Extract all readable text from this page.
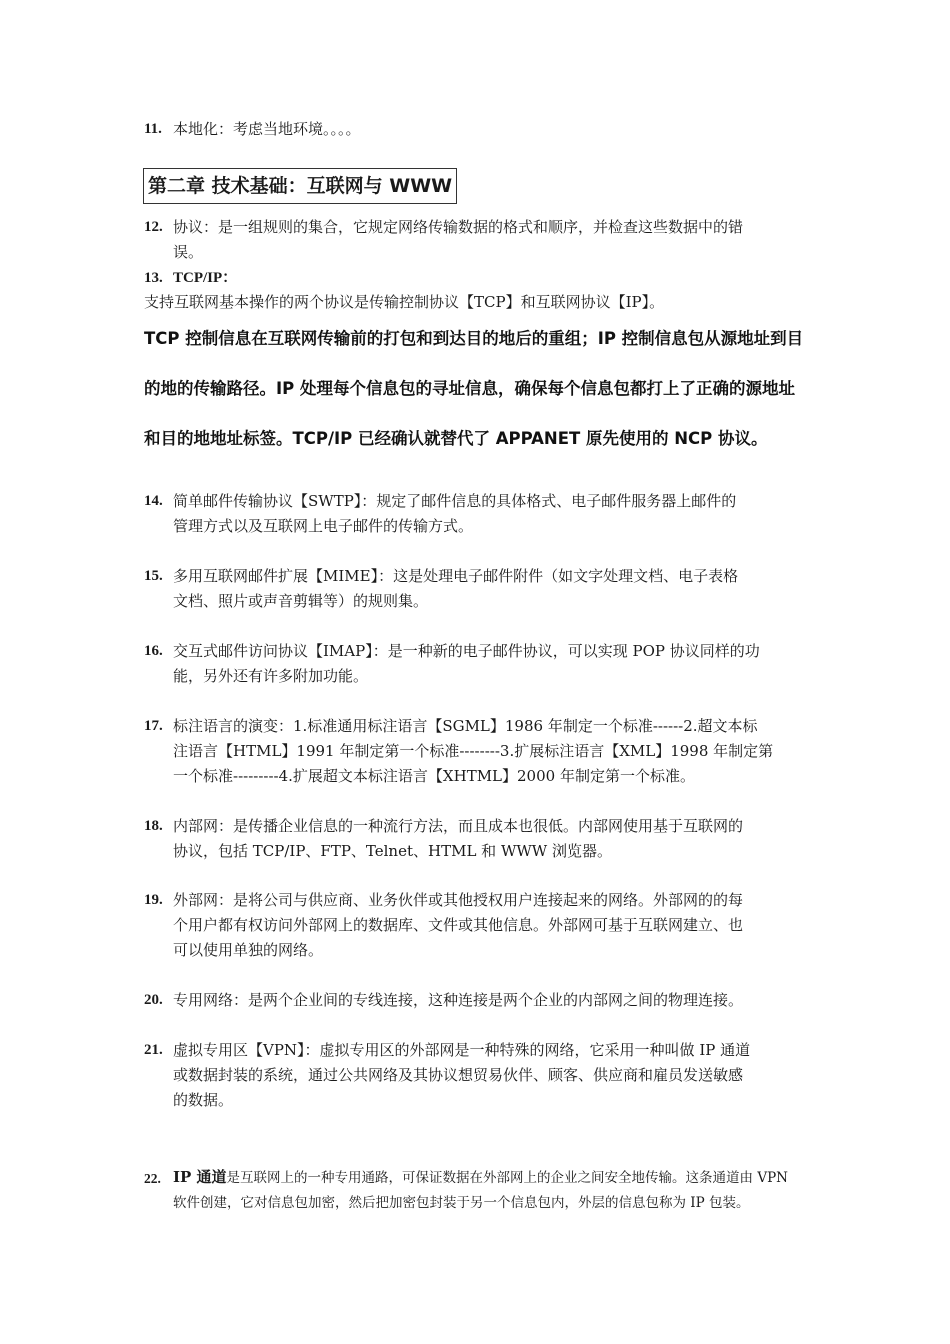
11. 本地化：考虑当地环境。。。。
第二章 技术基础：互联网与 WWW
12. 协议：是一组规则的集合，它规定网络传输数据的格式和顺序，并检查这些数据中的错
误。
13. TCP/IP：
支持互联网基本操作的两个协议是传输控制协议【TCP】和互联网协议【IP】。
TCP 控制信息在互联网传输前的打包和到达目的地后的重组；IP 控制信息包从源地址到目
的地的传输路径。IP 处理每个信息包的寻址信息，确保每个信息包都打上了正确的源地址
和目的地地址标签。TCP/IP 已经确认就替代了 APPANET 原先使用的 NCP 协议。
14. 简单邮件传输协议【SWTP】：规定了邮件信息的具体格式、电子邮件服务器上邮件的
管理方式以及互联网上电子邮件的传输方式。
15. 多用互联网邮件扩展【MIME】：这是处理电子邮件附件（如文字处理文档、电子表格
文档、照片或声音剪辑等）的规则集。
16. 交互式邮件访问协议【IMAP】：是一种新的电子邮件协议，可以实现 POP 协议同样的功
能，另外还有许多附加功能。
17. 标注语言的演变：1.标准通用标注语言【SGML】1986 年制定一个标准------2.超文本标
注语言【HTML】1991 年制定第一个标准--------3.扩展标注语言【XML】1998 年制定第
一个标准---------4.扩展超文本标注语言【XHTML】2000 年制定第一个标准。
18. 内部网：是传播企业信息的一种流行方法，而且成本也很低。内部网使用基于互联网的
协议，包括 TCP/IP、FTP、Telnet、HTML 和 WWW 浏览器。
19. 外部网：是将公司与供应商、业务伙伴或其他授权用户连接起来的网络。外部网的的每
个用户都有权访问外部网上的数据库、文件或其他信息。外部网可基于互联网建立、也
可以使用单独的网络。
20. 专用网络：是两个企业间的专线连接，这种连接是两个企业的内部网之间的物理连接。
21. 虚拟专用区【VPN】：虚拟专用区的外部网是一种特殊的网络，它采用一种叫做 IP 通道
或数据封装的系统，通过公共网络及其协议想贸易伙伴、顾客、供应商和雇员发送敏感
的数据。
22. IP 通道是互联网上的一种专用通路，可保证数据在外部网上的企业之间安全地传输。这条通道由 VPN
软件创建，它对信息包加密，然后把加密包封装于另一个信息包内，外层的信息包称为 IP 包装。
